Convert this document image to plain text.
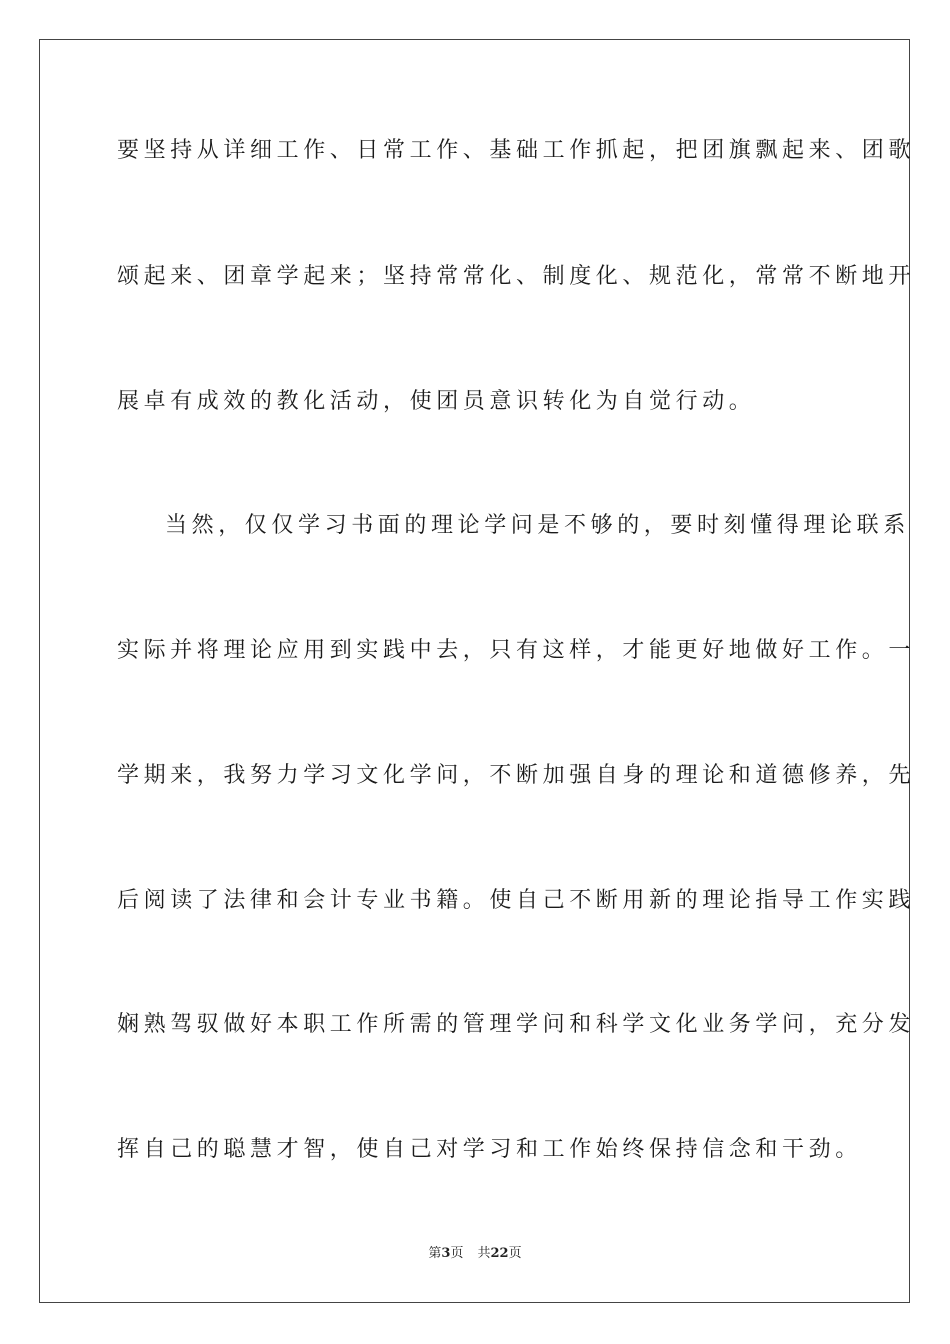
要坚持从详细工作、日常工作、基础工作抓起，把团旗飘起来、团歌
颂起来、团章学起来；坚持常常化、制度化、规范化，常常不断地开
展卓有成效的教化活动，使团员意识转化为自觉行动。
当然，仅仅学习书面的理论学问是不够的，要时刻懂得理论联系
实际并将理论应用到实践中去，只有这样，才能更好地做好工作。一
学期来，我努力学习文化学问，不断加强自身的理论和道德修养，先
后阅读了法律和会计专业书籍。使自己不断用新的理论指导工作实践
娴熟驾驭做好本职工作所需的管理学问和科学文化业务学问，充分发
挥自己的聪慧才智，使自己对学习和工作始终保持信念和干劲。
第3页 共22页
